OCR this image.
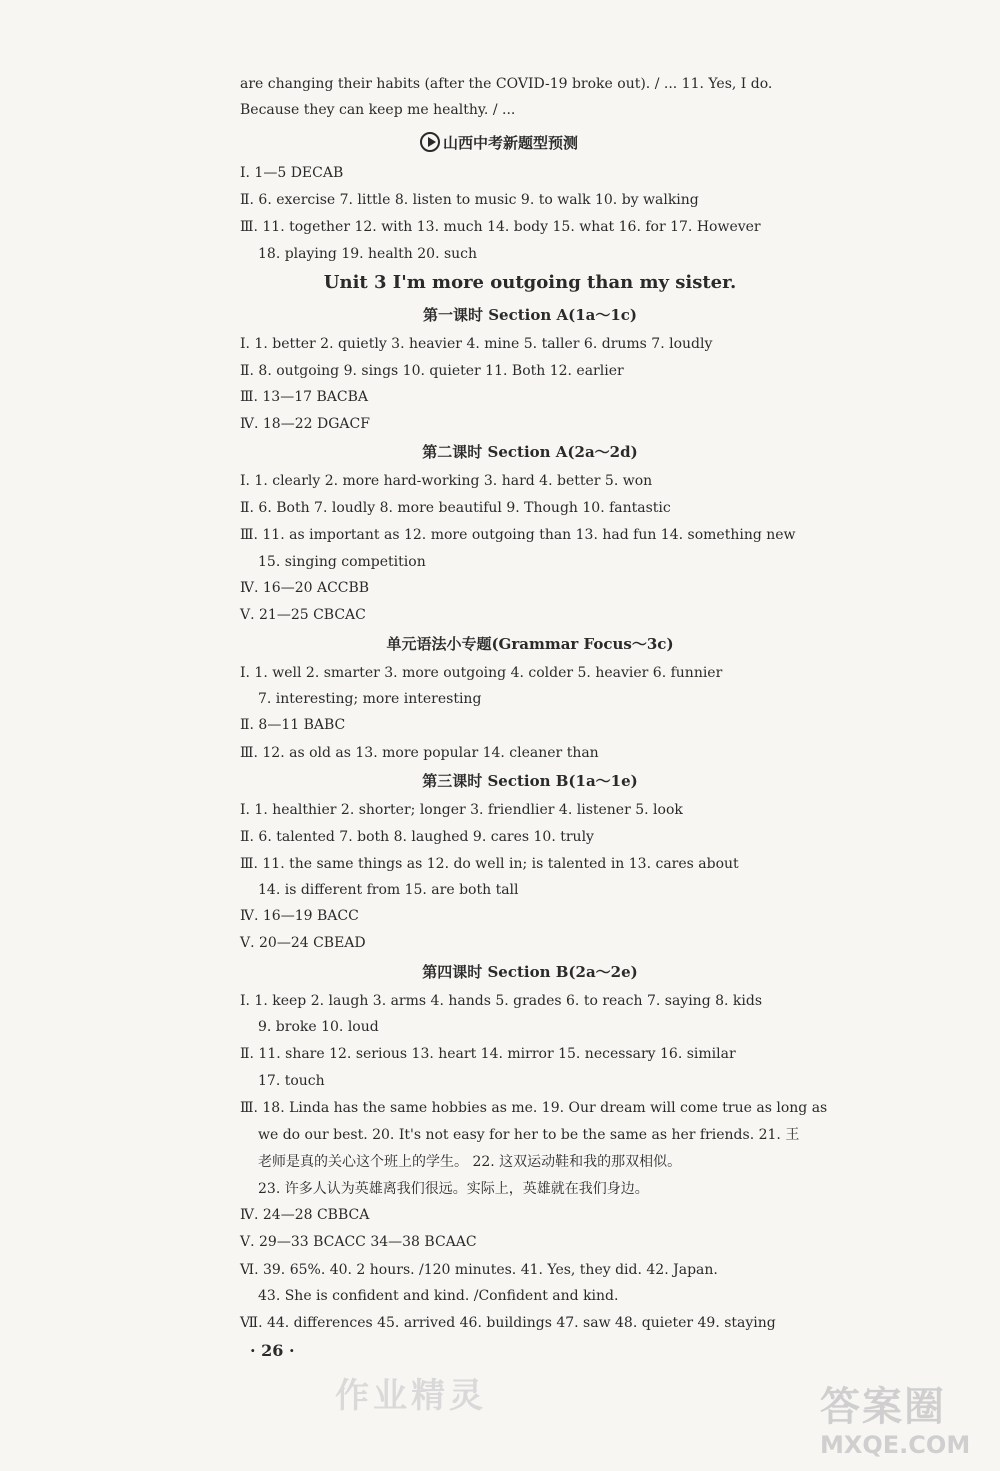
are changing their habits (after the COVID-19 broke out). / ... 11. Yes, I do.
Because they can keep me healthy. / ...
山西中考新题型预测
Ⅰ. 1—5 DECAB
Ⅱ. 6. exercise 7. little 8. listen to music 9. to walk 10. by walking
Ⅲ. 11. together 12. with 13. much 14. body 15. what 16. for 17. However
18. playing 19. health 20. such
Unit 3 I'm more outgoing than my sister.
第一课时 Section A(1a～1c)
Ⅰ. 1. better 2. quietly 3. heavier 4. mine 5. taller 6. drums 7. loudly
Ⅱ. 8. outgoing 9. sings 10. quieter 11. Both 12. earlier
Ⅲ. 13—17 BACBA
Ⅳ. 18—22 DGACF
第二课时 Section A(2a～2d)
Ⅰ. 1. clearly 2. more hard-working 3. hard 4. better 5. won
Ⅱ. 6. Both 7. loudly 8. more beautiful 9. Though 10. fantastic
Ⅲ. 11. as important as 12. more outgoing than 13. had fun 14. something new
15. singing competition
Ⅳ. 16—20 ACCBB
Ⅴ. 21—25 CBCAC
单元语法小专题(Grammar Focus～3c)
Ⅰ. 1. well 2. smarter 3. more outgoing 4. colder 5. heavier 6. funnier
7. interesting; more interesting
Ⅱ. 8—11 BABC
Ⅲ. 12. as old as 13. more popular 14. cleaner than
第三课时 Section B(1a～1e)
Ⅰ. 1. healthier 2. shorter; longer 3. friendlier 4. listener 5. look
Ⅱ. 6. talented 7. both 8. laughed 9. cares 10. truly
Ⅲ. 11. the same things as 12. do well in; is talented in 13. cares about
14. is different from 15. are both tall
Ⅳ. 16—19 BACC
Ⅴ. 20—24 CBEAD
第四课时 Section B(2a～2e)
Ⅰ. 1. keep 2. laugh 3. arms 4. hands 5. grades 6. to reach 7. saying 8. kids
9. broke 10. loud
Ⅱ. 11. share 12. serious 13. heart 14. mirror 15. necessary 16. similar
17. touch
Ⅲ. 18. Linda has the same hobbies as me. 19. Our dream will come true as long as
we do our best. 20. It's not easy for her to be the same as her friends. 21. 王
老师是真的关心这个班上的学生。 22. 这双运动鞋和我的那双相似。
23. 许多人认为英雄离我们很远。实际上，英雄就在我们身边。
Ⅳ. 24—28 CBBCA
Ⅴ. 29—33 BCACC 34—38 BCAAC
Ⅵ. 39. 65%. 40. 2 hours. /120 minutes. 41. Yes, they did. 42. Japan.
43. She is confident and kind. /Confident and kind.
Ⅶ. 44. differences 45. arrived 46. buildings 47. saw 48. quieter 49. staying
· 26 ·
作业精灵	答案圈
MXQE.COM
